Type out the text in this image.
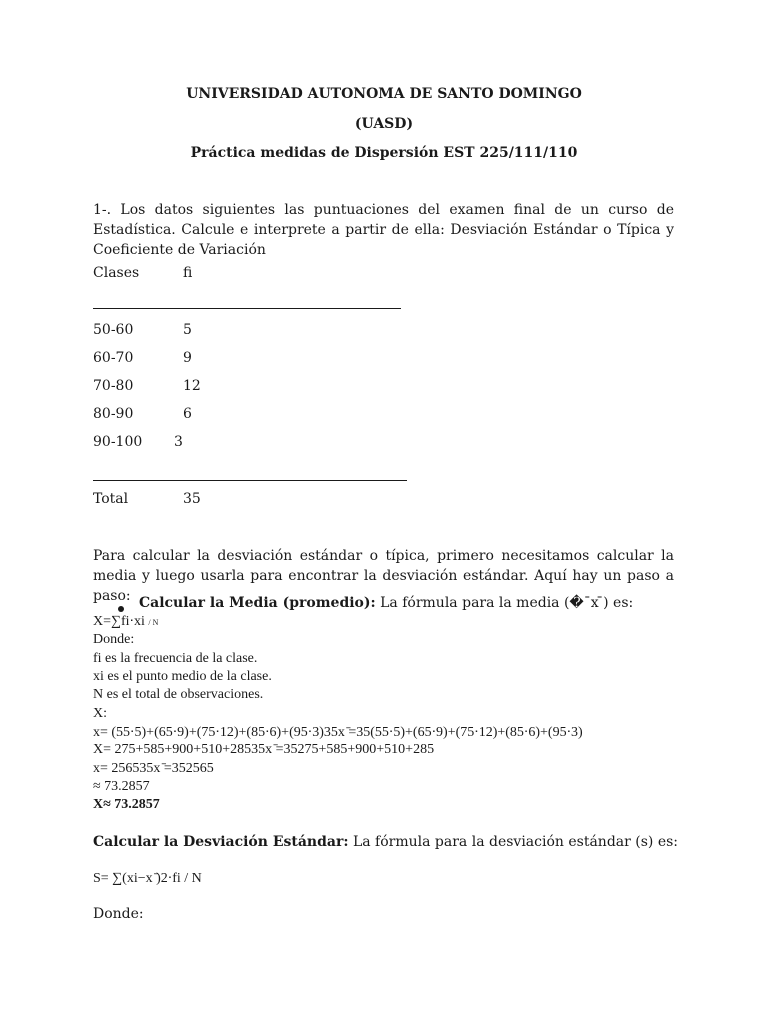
UNIVERSIDAD AUTONOMA DE SANTO DOMINGO
(UASD)
Práctica medidas de Dispersión EST 225/111/110
1-. Los datos siguientes las puntuaciones del examen final de un curso de Estadística. Calcule e interprete a partir de ella: Desviación Estándar o Típica y Coeficiente de Variación
Clases	fi
50-60	5
60-70	9
70-80	12
80-90	6
90-100 3
Total	35
Para calcular la desviación estándar o típica, primero necesitamos calcular la media y luego usarla para encontrar la desviación estándar. Aquí hay un paso a paso: Calcular la Media (promedio): La fórmula para la media (�ˉx ̄) es:
X=∑fi⋅xi / N
Donde:
fi es la frecuencia de la clase.
xi es el punto medio de la clase.
N es el total de observaciones.
X:
x= (55⋅5)+(65⋅9)+(75⋅12)+(85⋅6)+(95⋅3)35x ̄=35(55⋅5)+(65⋅9)+(75⋅12)+(85⋅6)+(95⋅3)
X= 275+585+900+510+28535x ̄=35275+585+900+510+285
x= 256535x ̄=352565
≈ 73.2857
X≈ 73.2857
Calcular la Desviación Estándar: La fórmula para la desviación estándar (s) es:
S= ∑(xi−x ̄)2⋅fi / N
Donde:
